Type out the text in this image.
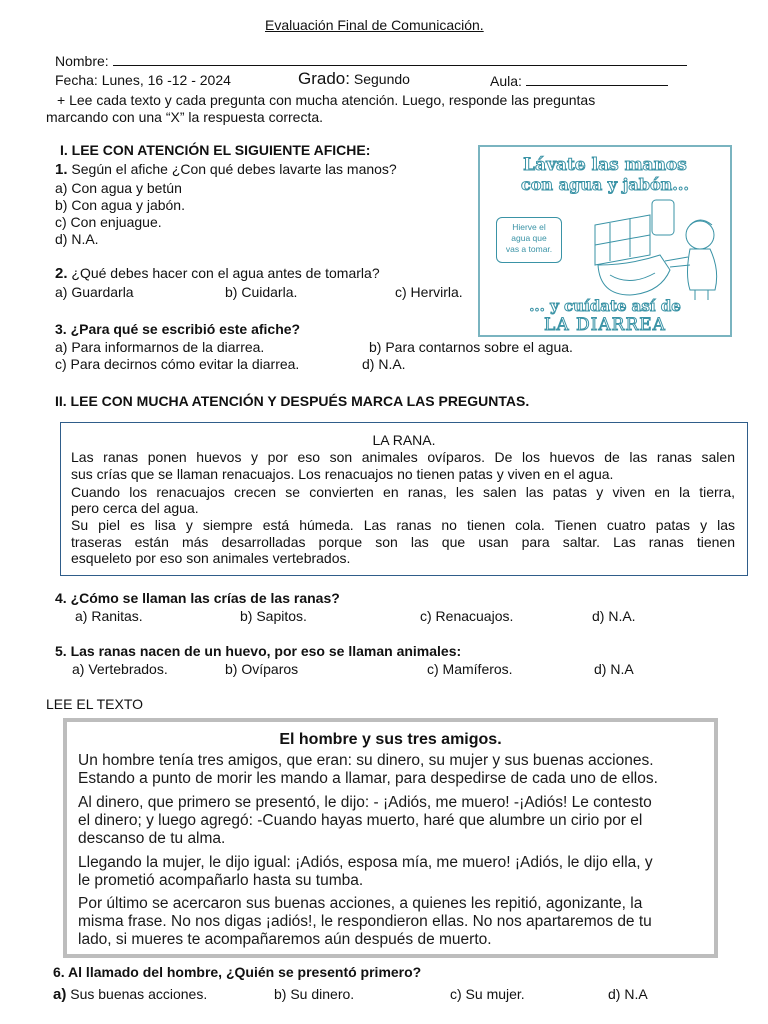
Evaluación Final de Comunicación.
Nombre:
Fecha: Lunes, 16 -12 - 2024	Grado: Segundo	Aula:
+ Lee cada texto y cada pregunta con mucha atención. Luego, responde las preguntas
marcando con una “X” la respuesta correcta.
I. LEE CON ATENCIÓN EL SIGUIENTE AFICHE:
1. Según el afiche ¿Con qué debes lavarte las manos?
a) Con agua y betún
b) Con agua y jabón.
c) Con enjuague.
d) N.A.
2. ¿Qué debes hacer con el agua antes de tomarla?
a) Guardarla	b) Cuidarla.	c) Hervirla.
Lávate las manos
con agua y jabón...
Hierve el
agua que
vas a tomar.
... y cuídate así de
LA DIARREA
3. ¿Para qué se escribió este afiche?
a) Para informarnos de la diarrea.	b) Para contarnos sobre el agua.
c) Para decirnos cómo evitar la diarrea.	d) N.A.
II. LEE CON MUCHA ATENCIÓN Y DESPUÉS MARCA LAS PREGUNTAS.
LA RANA.
Las ranas ponen huevos y por eso son animales ovíparos. De los huevos de las ranas salen
sus crías que se llaman renacuajos. Los renacuajos no tienen patas y viven en el agua.
Cuando los renacuajos crecen se convierten en ranas, les salen las patas y viven en la tierra,
pero cerca del agua.
Su piel es lisa y siempre está húmeda. Las ranas no tienen cola. Tienen cuatro patas y las
traseras están más desarrolladas porque son las que usan para saltar. Las ranas tienen
esqueleto por eso son animales vertebrados.
4. ¿Cómo se llaman las crías de las ranas?
a) Ranitas.	b) Sapitos.	c) Renacuajos.	d) N.A.
5. Las ranas nacen de un huevo, por eso se llaman animales:
a) Vertebrados.	b) Ovíparos	c) Mamíferos.	d) N.A
LEE EL TEXTO
El hombre y sus tres amigos.
Un hombre tenía tres amigos, que eran: su dinero, su mujer y sus buenas acciones.
Estando a punto de morir les mando a llamar, para despedirse de cada uno de ellos.
Al dinero, que primero se presentó, le dijo: - ¡Adiós, me muero! -¡Adiós! Le contesto
el dinero; y luego agregó: -Cuando hayas muerto, haré que alumbre un cirio por el
descanso de tu alma.
Llegando la mujer, le dijo igual: ¡Adiós, esposa mía, me muero! ¡Adiós, le dijo ella, y
le prometió acompañarlo hasta su tumba.
Por último se acercaron sus buenas acciones, a quienes les repitió, agonizante, la
misma frase. No nos digas ¡adiós!, le respondieron ellas. No nos apartaremos de tu
lado, si mueres te acompañaremos aún después de muerto.
6. Al llamado del hombre, ¿Quién se presentó primero?
a) Sus buenas acciones.	b) Su dinero.	c) Su mujer.	d) N.A
